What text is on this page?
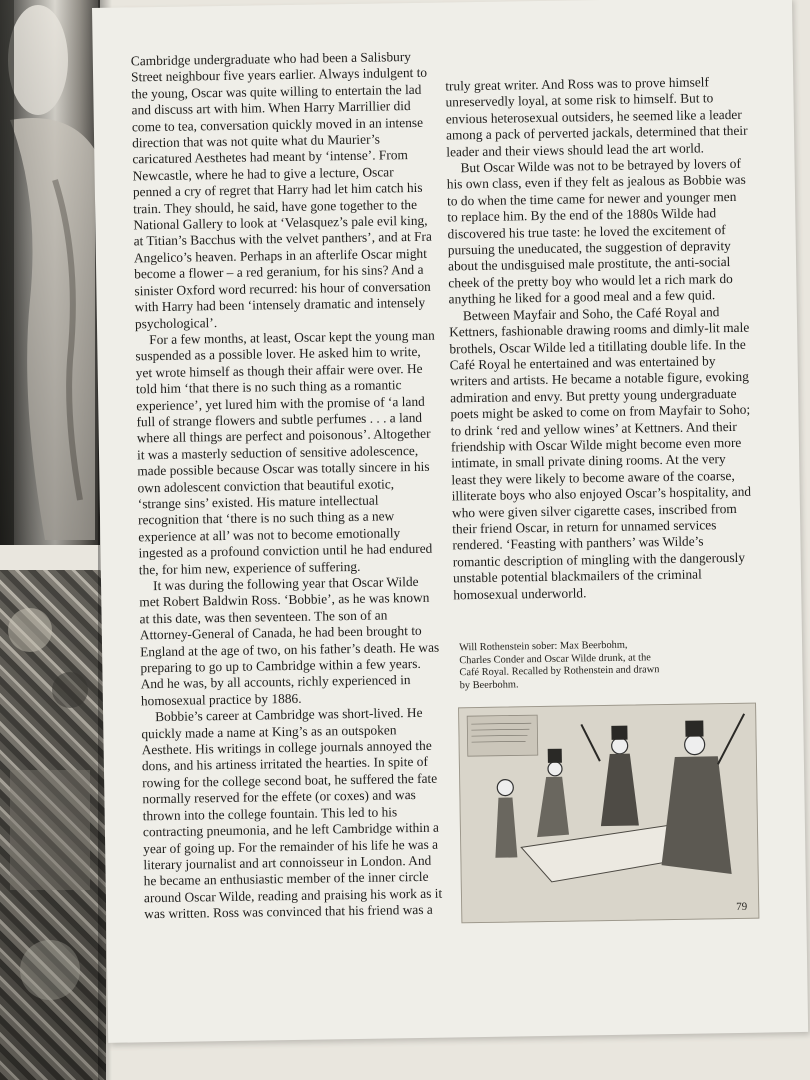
Cambridge undergraduate who had been a Salisbury Street neighbour five years earlier. Always indulgent to the young, Oscar was quite willing to entertain the lad and discuss art with him. When Harry Marrillier did come to tea, conversation quickly moved in an intense direction that was not quite what du Maurier’s caricatured Aesthetes had meant by ‘intense’. From Newcastle, where he had to give a lecture, Oscar penned a cry of regret that Harry had let him catch his train. They should, he said, have gone together to the National Gallery to look at ‘Velasquez’s pale evil king, at Titian’s Bacchus with the velvet panthers’, and at Fra Angelico’s heaven. Perhaps in an afterlife Oscar might become a flower – a red geranium, for his sins? And a sinister Oxford word recurred: his hour of conversation with Harry had been ‘intensely dramatic and intensely psychological’.

For a few months, at least, Oscar kept the young man suspended as a possible lover. He asked him to write, yet wrote himself as though their affair were over. He told him ‘that there is no such thing as a romantic experience’, yet lured him with the promise of ‘a land full of strange flowers and subtle perfumes . . . a land where all things are perfect and poisonous’. Altogether it was a masterly seduction of sensitive adolescence, made possible because Oscar was totally sincere in his own adolescent conviction that beautiful exotic, ‘strange sins’ existed. His mature intellectual recognition that ‘there is no such thing as a new experience at all’ was not to become emotionally ingested as a profound conviction until he had endured the, for him new, experience of suffering.

It was during the following year that Oscar Wilde met Robert Baldwin Ross. ‘Bobbie’, as he was known at this date, was then seventeen. The son of an Attorney-General of Canada, he had been brought to England at the age of two, on his father’s death. He was preparing to go up to Cambridge within a few years. And he was, by all accounts, richly experienced in homosexual practice by 1886.

Bobbie’s career at Cambridge was short-lived. He quickly made a name at King’s as an outspoken Aesthete. His writings in college journals annoyed the dons, and his artiness irritated the hearties. In spite of rowing for the college second boat, he suffered the fate normally reserved for the effete (or coxes) and was thrown into the college fountain. This led to his contracting pneumonia, and he left Cambridge within a year of going up. For the remainder of his life he was a literary journalist and art connoisseur in London. And he became an enthusiastic member of the inner circle around Oscar Wilde, reading and praising his work as it was written. Ross was convinced that his friend was a

truly great writer. And Ross was to prove himself unreservedly loyal, at some risk to himself. But to envious heterosexual outsiders, he seemed like a leader among a pack of perverted jackals, determined that their leader and their views should lead the art world.

But Oscar Wilde was not to be betrayed by lovers of his own class, even if they felt as jealous as Bobbie was to do when the time came for newer and younger men to replace him. By the end of the 1880s Wilde had discovered his true taste: he loved the excitement of pursuing the uneducated, the suggestion of depravity about the undisguised male prostitute, the anti-social cheek of the pretty boy who would let a rich mark do anything he liked for a good meal and a few quid.

Between Mayfair and Soho, the Café Royal and Kettners, fashionable drawing rooms and dimly-lit male brothels, Oscar Wilde led a titillating double life. In the Café Royal he entertained and was entertained by writers and artists. He became a notable figure, evoking admiration and envy. But pretty young undergraduate poets might be asked to come on from Mayfair to Soho; to drink ‘red and yellow wines’ at Kettners. And their friendship with Oscar Wilde might become even more intimate, in small private dining rooms. At the very least they were likely to become aware of the coarse, illiterate boys who also enjoyed Oscar’s hospitality, and who were given silver cigarette cases, inscribed from their friend Oscar, in return for unnamed services rendered. ‘Feasting with panthers’ was Wilde’s romantic description of mingling with the dangerously unstable potential blackmailers of the criminal homosexual underworld.

Will Rothenstein sober: Max Beerbohm, Charles Conder and Oscar Wilde drunk, at the Café Royal. Recalled by Rothenstein and drawn by Beerbohm.
79
